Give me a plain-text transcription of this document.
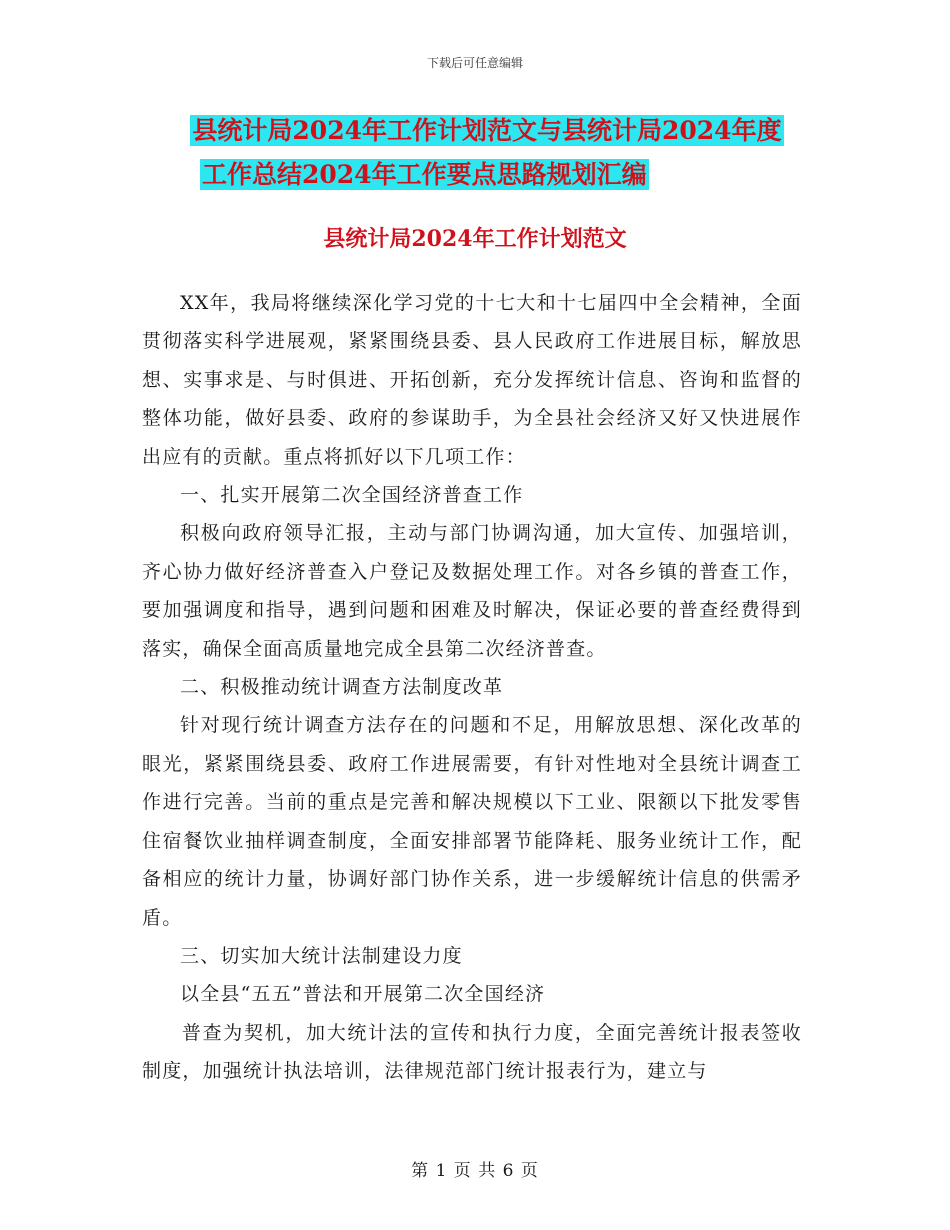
下载后可任意编辑
县统计局2024年工作计划范文与县统计局2024年度
工作总结2024年工作要点思路规划汇编
县统计局2024年工作计划范文

XX年，我局将继续深化学习党的十七大和十七届四中全会精神，全面贯彻落实科学进展观，紧紧围绕县委、县人民政府工作进展目标，解放思想、实事求是、与时俱进、开拓创新，充分发挥统计信息、咨询和监督的整体功能，做好县委、政府的参谋助手，为全县社会经济又好又快进展作出应有的贡献。重点将抓好以下几项工作：

一、扎实开展第二次全国经济普查工作

积极向政府领导汇报，主动与部门协调沟通，加大宣传、加强培训，齐心协力做好经济普查入户登记及数据处理工作。对各乡镇的普查工作，要加强调度和指导，遇到问题和困难及时解决，保证必要的普查经费得到落实，确保全面高质量地完成全县第二次经济普查。

二、积极推动统计调查方法制度改革

针对现行统计调查方法存在的问题和不足，用解放思想、深化改革的眼光，紧紧围绕县委、政府工作进展需要，有针对性地对全县统计调查工作进行完善。当前的重点是完善和解决规模以下工业、限额以下批发零售住宿餐饮业抽样调查制度，全面安排部署节能降耗、服务业统计工作，配备相应的统计力量，协调好部门协作关系，进一步缓解统计信息的供需矛盾。

三、切实加大统计法制建设力度

以全县“五五”普法和开展第二次全国经济

普查为契机，加大统计法的宣传和执行力度，全面完善统计报表签收制度，加强统计执法培训，法律规范部门统计报表行为，建立与

第 1 页 共 6 页
